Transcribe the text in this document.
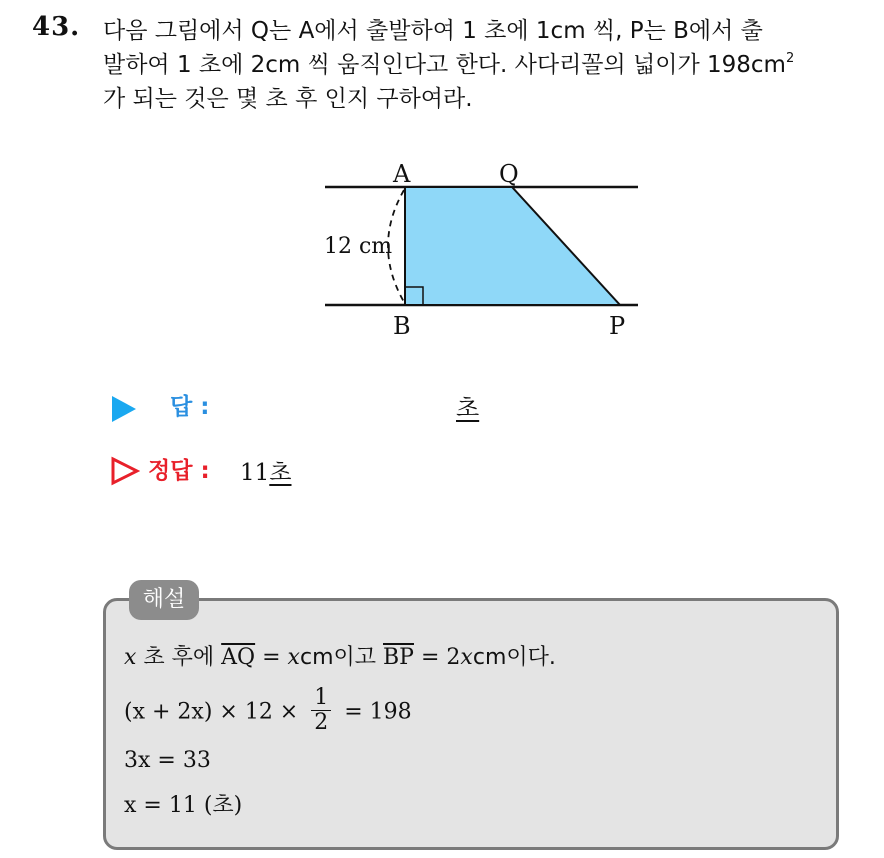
43. 다음 그림에서 Q는 A에서 출발하여 1 초에 1cm 씩, P는 B에서 출
발하여 1 초에 2cm 씩 움직인다고 한다. 사다리꼴의 넓이가 $198cm^2$
가 되는 것은 몇 초 후 인지 구하여라.

A	Q
B	P
12 cm
답 :	초
정답 : 11초
해설
x 초 후에 $\overline{AQ}$ = xcm이고 $\overline{BP} = 2xcm$이다.
$(x + 2x) \times 12 \times \frac{1}{2} = 198$
3x = 33
x = 11 (초)
